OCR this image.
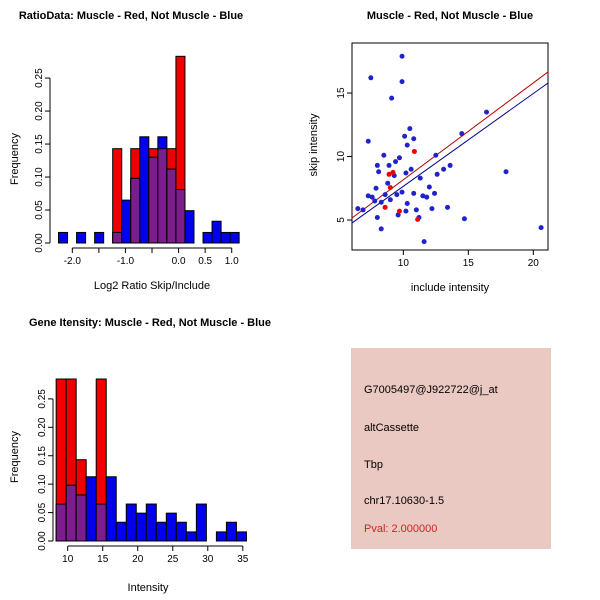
RatioData: Muscle - Red, Not Muscle - Blue
Frequency
Log2 Ratio Skip/Include
0.00
0.05
0.10
0.15
0.20
0.25
-2.0	-1.0	0.0 0.5 1.0
Muscle - Red, Not Muscle - Blue
skip intensity
include intensity
10	15	20
5
10
15
Gene Itensity: Muscle - Red, Not Muscle - Blue
Frequency
Intensity
0.00
0.05
0.10
0.15
0.20
0.25
10 15 20 25 30 35
G7005497@J922722@j_at
altCassette
Tbp
chr17.10630-1.5
Pval: 2.000000
